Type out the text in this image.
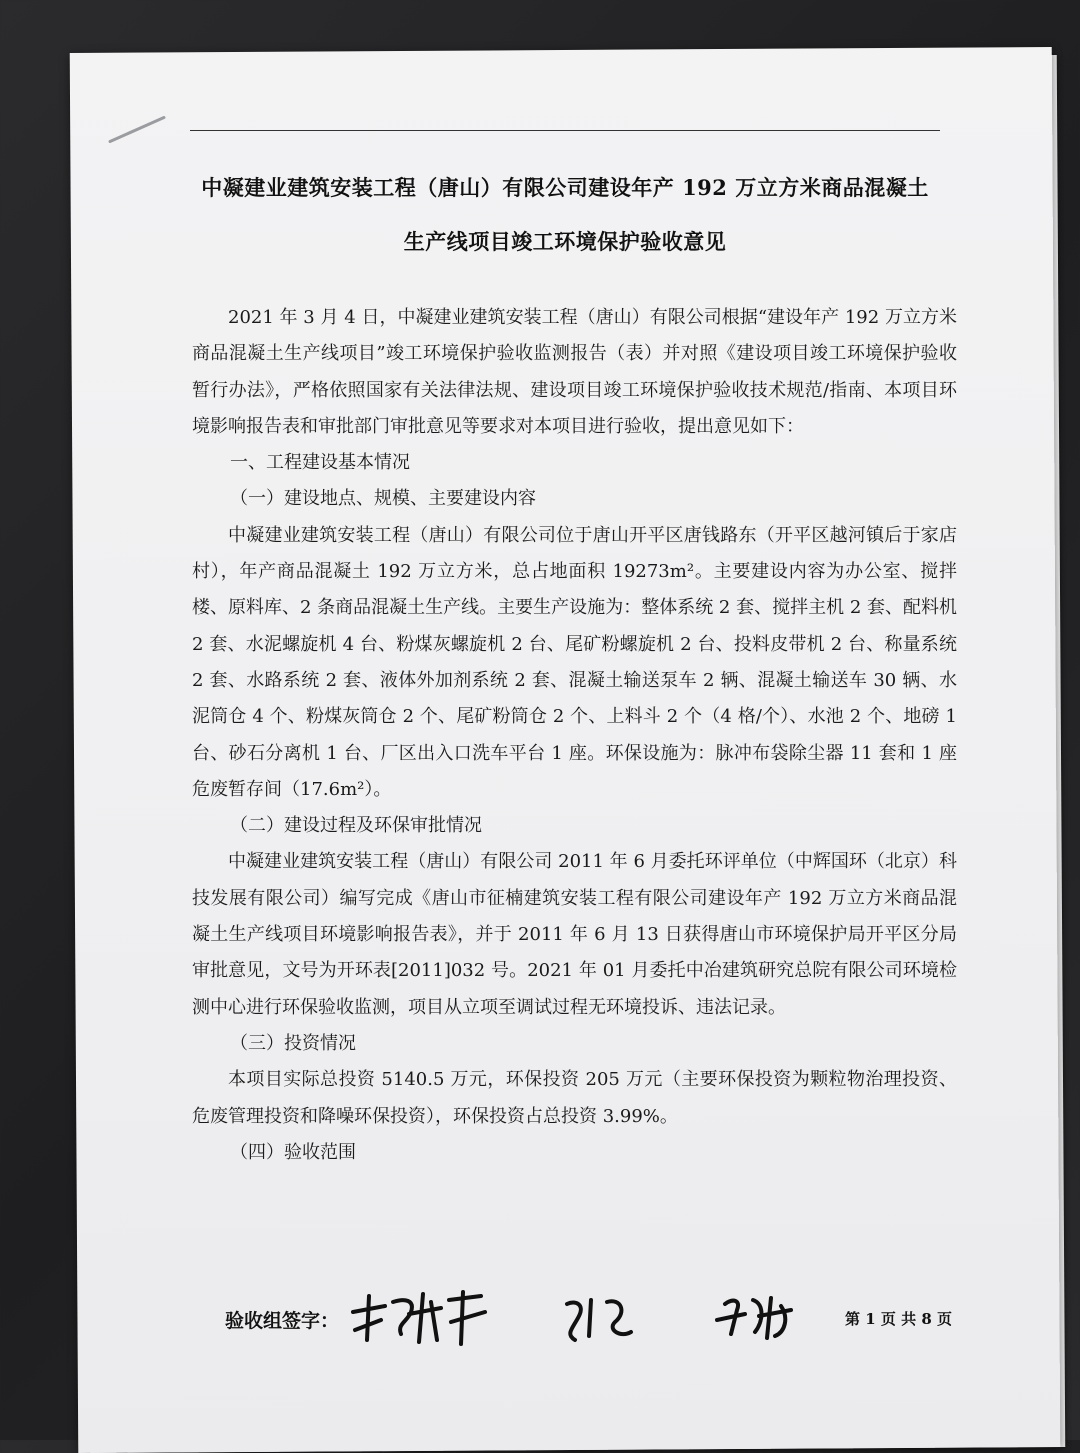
中凝建业建筑安装工程（唐山）有限公司建设年产 192 万立方米商品混凝土
生产线项目竣工环境保护验收意见

2021 年 3 月 4 日，中凝建业建筑安装工程（唐山）有限公司根据“建设年产 192 万立方米商品混凝土生产线项目”竣工环境保护验收监测报告（表）并对照《建设项目竣工环境保护验收暂行办法》，严格依照国家有关法律法规、建设项目竣工环境保护验收技术规范/指南、本项目环境影响报告表和审批部门审批意见等要求对本项目进行验收，提出意见如下：

一、工程建设基本情况

（一）建设地点、规模、主要建设内容

中凝建业建筑安装工程（唐山）有限公司位于唐山开平区唐钱路东（开平区越河镇后于家店村），年产商品混凝土 192 万立方米，总占地面积 19273m²。主要建设内容为办公室、搅拌楼、原料库、2 条商品混凝土生产线。主要生产设施为：整体系统 2 套、搅拌主机 2 套、配料机 2 套、水泥螺旋机 4 台、粉煤灰螺旋机 2 台、尾矿粉螺旋机 2 台、投料皮带机 2 台、称量系统 2 套、水路系统 2 套、液体外加剂系统 2 套、混凝土输送泵车 2 辆、混凝土输送车 30 辆、水泥筒仓 4 个、粉煤灰筒仓 2 个、尾矿粉筒仓 2 个、上料斗 2 个（4 格/个）、水池 2 个、地磅 1 台、砂石分离机 1 台、厂区出入口洗车平台 1 座。环保设施为：脉冲布袋除尘器 11 套和 1 座危废暂存间（17.6m²）。

（二）建设过程及环保审批情况

中凝建业建筑安装工程（唐山）有限公司 2011 年 6 月委托环评单位（中辉国环（北京）科技发展有限公司）编写完成《唐山市征楠建筑安装工程有限公司建设年产 192 万立方米商品混凝土生产线项目环境影响报告表》，并于 2011 年 6 月 13 日获得唐山市环境保护局开平区分局审批意见，文号为开环表[2011]032 号。2021 年 01 月委托中冶建筑研究总院有限公司环境检测中心进行环保验收监测，项目从立项至调试过程无环境投诉、违法记录。

（三）投资情况

本项目实际总投资 5140.5 万元，环保投资 205 万元（主要环保投资为颗粒物治理投资、危废管理投资和降噪环保投资），环保投资占总投资 3.99%。

（四）验收范围

验收组签字：	第 1 页 共 8 页
